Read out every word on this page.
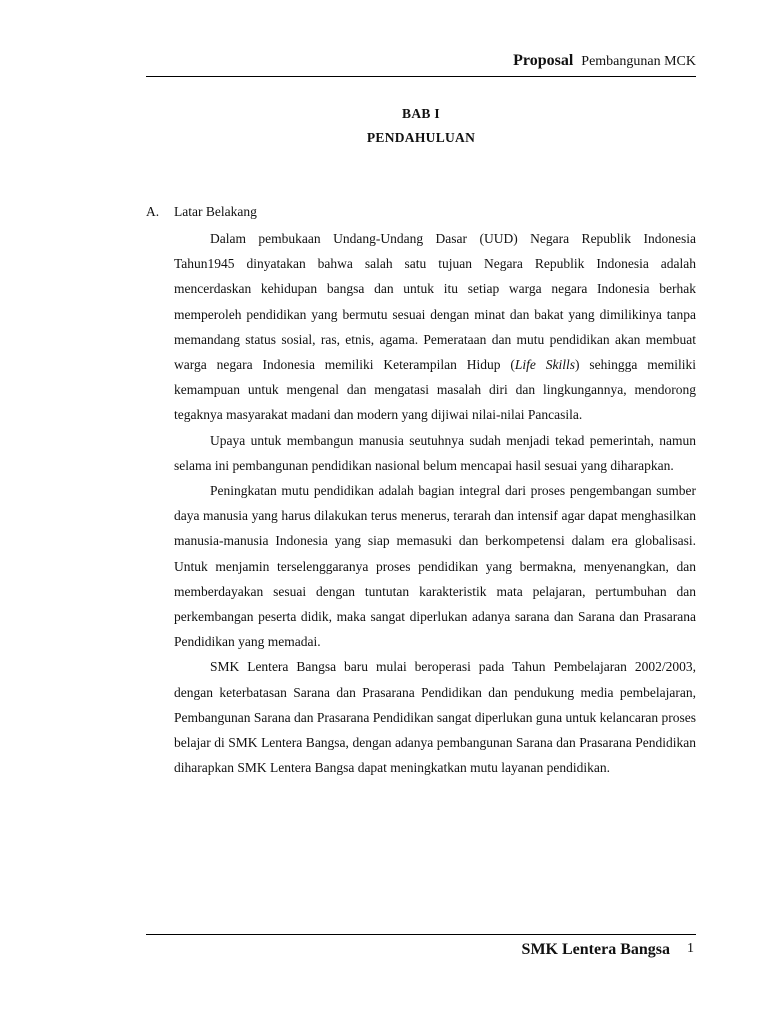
Proposal Pembangunan MCK
BAB I
PENDAHULUAN
A. Latar Belakang

Dalam pembukaan Undang-Undang Dasar (UUD) Negara Republik Indonesia Tahun1945 dinyatakan bahwa salah satu tujuan Negara Republik Indonesia adalah mencerdaskan kehidupan bangsa dan untuk itu setiap warga negara Indonesia berhak memperoleh pendidikan yang bermutu sesuai dengan minat dan bakat yang dimilikinya tanpa memandang status sosial, ras, etnis, agama. Pemerataan dan mutu pendidikan akan membuat warga negara Indonesia memiliki Keterampilan Hidup (Life Skills) sehingga memiliki kemampuan untuk mengenal dan mengatasi masalah diri dan lingkungannya, mendorong tegaknya masyarakat madani dan modern yang dijiwai nilai-nilai Pancasila.

Upaya untuk membangun manusia seutuhnya sudah menjadi tekad pemerintah, namun selama ini pembangunan pendidikan nasional belum mencapai hasil sesuai yang diharapkan.

Peningkatan mutu pendidikan adalah bagian integral dari proses pengembangan sumber daya manusia yang harus dilakukan terus menerus, terarah dan intensif agar dapat menghasilkan manusia-manusia Indonesia yang siap memasuki dan berkompetensi dalam era globalisasi. Untuk menjamin terselenggaranya proses pendidikan yang bermakna, menyenangkan, dan memberdayakan sesuai dengan tuntutan karakteristik mata pelajaran, pertumbuhan dan perkembangan peserta didik, maka sangat diperlukan adanya sarana dan Sarana dan Prasarana Pendidikan yang memadai.

SMK Lentera Bangsa baru mulai beroperasi pada Tahun Pembelajaran 2002/2003, dengan keterbatasan Sarana dan Prasarana Pendidikan dan pendukung media pembelajaran, Pembangunan Sarana dan Prasarana Pendidikan sangat diperlukan guna untuk kelancaran proses belajar di SMK Lentera Bangsa, dengan adanya pembangunan Sarana dan Prasarana Pendidikan diharapkan SMK Lentera Bangsa dapat meningkatkan mutu layanan pendidikan.

SMK Lentera Bangsa 1
